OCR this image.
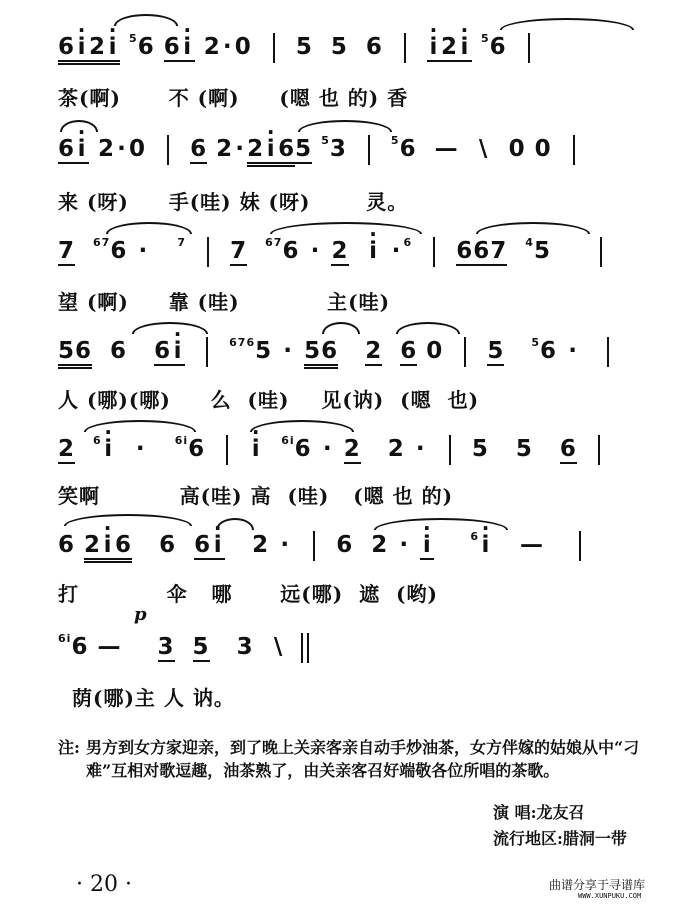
6 · i 2 · i $^5$6 6 · i 2·0 5 5 6 · i 2 · i $^5$6
茶(啊)      不 (啊)     (嗯 也 的) 香
6 · i 2·0 6 2·2 · i 65 $^5$3	$^5$6 — \ 0 0
来 (呀)     手(哇) 妹 (呀)       灵。
7 $^{67}$6 ·	$^7$ 7 $^{67}$6 · 2 · i · $^6$ 667 $^4$5
望 (啊)     靠 (哇)           主(哇)
56 6 6 · i	$^{676}$5 · 56 2 6 0 5 $^5$6 ·
人 (哪)(哪)     么  (哇)    见(讷)  (嗯  也)
2 $^6$ · i ·	$^{6i}$6 · i $^{6i}$6 · 2 2 · 5 5 6
笑啊          高(哇) 高  (哇)   (嗯 也 的)
6 2 · i 6 6 6 · i 2 · 6 2 · · i	$^6$ · i —
打           伞   哪      远(哪)  遮  (哟)
$^{6i}$6 — 3 5 3 \
p
荫(哪)主 人 讷。
注: 男方到女方家迎亲，到了晚上关亲客亲自动手炒油茶，女方伴嫁的姑娘从中“刁难”互相对歌逗趣，油茶熟了，由关亲客召好端敬各位所唱的茶歌。
演 唱:龙友召
流行地区:腊洞一带
· 20 ·	曲谱分享于寻谱库
WWW.XUNPUKU.COM
